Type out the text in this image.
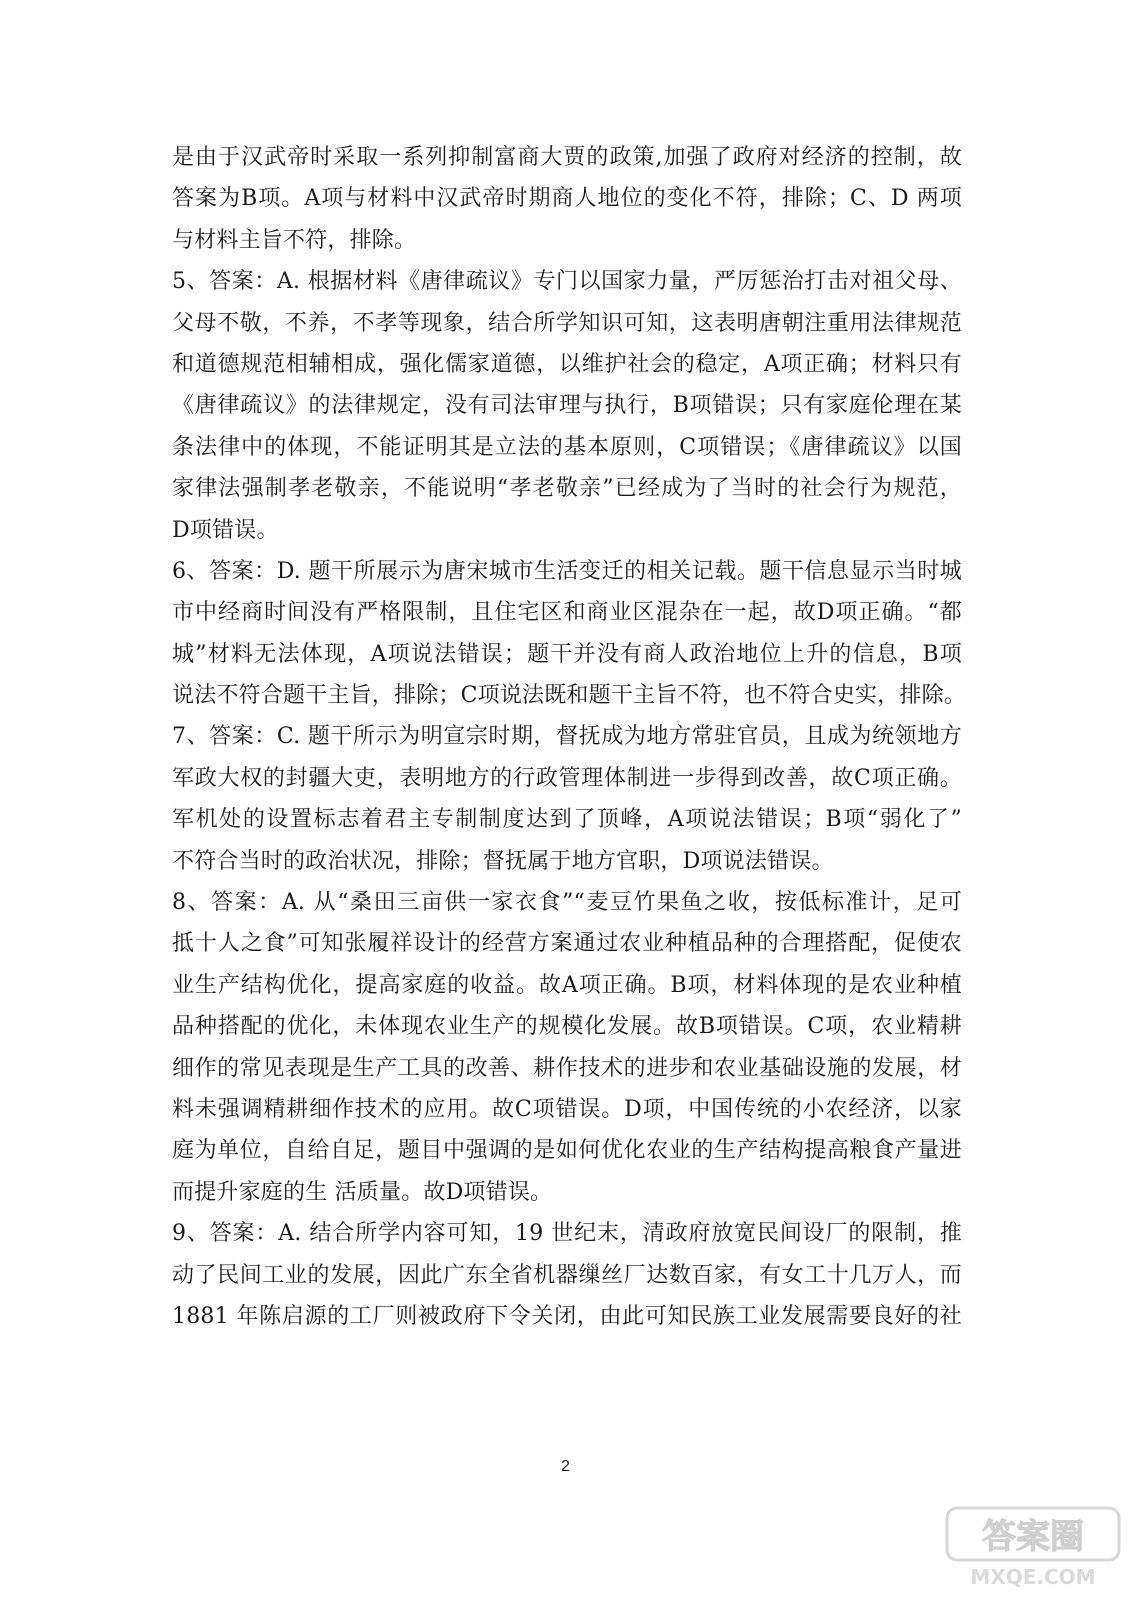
是由于汉武帝时采取一系列抑制富商大贾的政策,加强了政府对经济的控制，故
答案为B项。A项与材料中汉武帝时期商人地位的变化不符，排除；C、D 两项
与材料主旨不符，排除。
5、答案：A. 根据材料《唐律疏议》专门以国家力量，严厉惩治打击对祖父母、
父母不敬，不养，不孝等现象，结合所学知识可知，这表明唐朝注重用法律规范
和道德规范相辅相成，强化儒家道德，以维护社会的稳定，A项正确；材料只有
《唐律疏议》的法律规定，没有司法审理与执行，B项错误；只有家庭伦理在某
条法律中的体现，不能证明其是立法的基本原则，C项错误；《唐律疏议》以国
家律法强制孝老敬亲，不能说明“孝老敬亲”已经成为了当时的社会行为规范，
D项错误。
6、答案：D. 题干所展示为唐宋城市生活变迁的相关记载。题干信息显示当时城
市中经商时间没有严格限制，且住宅区和商业区混杂在一起，故D项正确。“都
城”材料无法体现，A项说法错误；题干并没有商人政治地位上升的信息，B项
说法不符合题干主旨，排除；C项说法既和题干主旨不符，也不符合史实，排除。
7、答案：C. 题干所示为明宣宗时期，督抚成为地方常驻官员，且成为统领地方
军政大权的封疆大吏，表明地方的行政管理体制进一步得到改善，故C项正确。
军机处的设置标志着君主专制制度达到了顶峰，A项说法错误；B项“弱化了”
不符合当时的政治状况，排除；督抚属于地方官职，D项说法错误。
8、答案：A. 从“桑田三亩供一家衣食”“麦豆竹果鱼之收，按低标准计，足可
抵十人之食”可知张履祥设计的经营方案通过农业种植品种的合理搭配，促使农
业生产结构优化，提高家庭的收益。故A项正确。B项，材料体现的是农业种植
品种搭配的优化，未体现农业生产的规模化发展。故B项错误。C项，农业精耕
细作的常见表现是生产工具的改善、耕作技术的进步和农业基础设施的发展，材
料未强调精耕细作技术的应用。故C项错误。D项，中国传统的小农经济，以家
庭为单位，自给自足，题目中强调的是如何优化农业的生产结构提高粮食产量进
而提升家庭的生 活质量。故D项错误。
9、答案：A. 结合所学内容可知，19 世纪末，清政府放宽民间设厂的限制，推
动了民间工业的发展，因此广东全省机器缫丝厂达数百家，有女工十几万人，而
1881 年陈启源的工厂则被政府下令关闭，由此可知民族工业发展需要良好的社
2
答案圈
MXQE.COM
